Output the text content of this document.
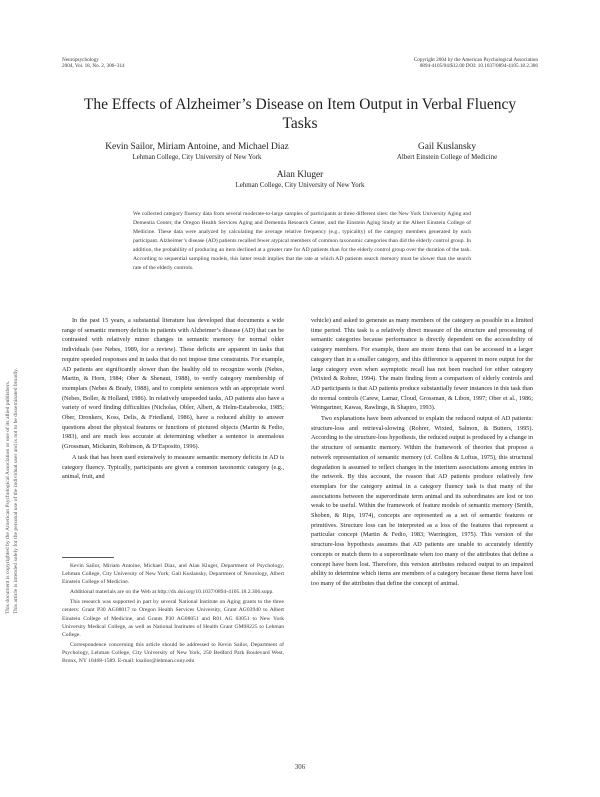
Neuropsychology
2004, Vol. 18, No. 2, 306–314
Copyright 2004 by the American Psychological Association
0894-4105/04/$12.00 DOI: 10.1037/0894-4105.18.2.306
The Effects of Alzheimer’s Disease on Item Output in Verbal Fluency Tasks
Kevin Sailor, Miriam Antoine, and Michael Diaz
Lehman College, City University of New York
Gail Kuslansky
Albert Einstein College of Medicine
Alan Kluger
Lehman College, City University of New York
We collected category fluency data from several moderate-to-large samples of participants at three different sites: the New York University Aging and Dementia Center, the Oregon Health Services Aging and Dementia Research Center, and the Einstein Aging Study at the Albert Einstein College of Medicine. These data were analyzed by calculating the average relative frequency (e.g., typicality) of the category members generated by each participant. Alzheimer’s disease (AD) patients recalled fewer atypical members of common taxonomic categories than did the elderly control group. In addition, the probability of producing an item declined at a greater rate for AD patients than for the elderly control group over the duration of the task. According to sequential sampling models, this latter result implies that the rate at which AD patients search memory must be slower than the search rate of the elderly controls.
This document is copyrighted by the American Psychological Association or one of its allied publishers. This article is intended solely for the personal use of the individual user and is not to be disseminated broadly.

In the past 15 years, a substantial literature has developed that documents a wide range of semantic memory deficits in patients with Alzheimer’s disease (AD) that can be contrasted with relatively minor changes in semantic memory for normal older individuals (see Nebes, 1989, for a review). These deficits are apparent in tasks that require speeded responses and in tasks that do not impose time constraints. For example, AD patients are significantly slower than the healthy old to recognize words (Nebes, Martin, & Horn, 1984; Ober & Shenaut, 1988), to verify category membership of exemplars (Nebes & Brady, 1988), and to complete sentences with an appropriate word (Nebes, Boller, & Holland, 1986). In relatively unspeeded tasks, AD patients also have a variety of word finding difficulties (Nicholas, Obler, Albert, & Helm-Estabrooks, 1985; Ober, Dronkers, Koss, Delis, & Friedland, 1986), have a reduced ability to answer questions about the physical features or functions of pictured objects (Martin & Fedio, 1983), and are much less accurate at determining whether a sentence is anomalous (Grossman, Mickanin, Robinson, & D’Esposito, 1996).

A task that has been used extensively to measure semantic memory deficits in AD is category fluency. Typically, participants are given a common taxonomic category (e.g., animal, fruit, and

Kevin Sailor, Miriam Antoine, Michael Diaz, and Alan Kluger, Department of Psychology, Lehman College, City University of New York; Gail Kuslansky, Department of Neurology, Albert Einstein College of Medicine.

Additional materials are on the Web at http://dx.doi.org/10.1037/0894-4105.18.2.306.supp.

This research was supported in part by several National Institute on Aging grants to the three centers: Grant P30 AG08017 to Oregon Health Services University, Grant AG03940 to Albert Einstein College of Medicine, and Grants P30 AG08051 and R01 AG 03051 to New York University Medical College, as well as National Institutes of Health Grant GM08225 to Lehman College.

Correspondence concerning this article should be addressed to Kevin Sailor, Department of Psychology, Lehman College, City University of New York, 250 Bedford Park Boulevard West, Bronx, NY 10468-1589. E-mail: ksailor@lehman.cuny.edu

vehicle) and asked to generate as many members of the category as possible in a limited time period. This task is a relatively direct measure of the structure and processing of semantic categories because performance is directly dependent on the accessibility of category members. For example, there are more items that can be accessed in a larger category than in a smaller category, and this difference is apparent in more output for the large category even when asymptotic recall has not been reached for either category (Wixted & Rohrer, 1994). The main finding from a comparison of elderly controls and AD participants is that AD patients produce substantially fewer instances in this task than do normal controls (Carew, Lamar, Cloud, Grossman, & Libon, 1997; Ober et al., 1986; Weingartner, Kawas, Rawlings, & Shapiro, 1993).

Two explanations have been advanced to explain the reduced output of AD patients: structure-loss and retrieval-slowing (Rohrer, Wixted, Salmon, & Butters, 1995). According to the structure-loss hypothesis, the reduced output is produced by a change in the structure of semantic memory. Within the framework of theories that propose a network representation of semantic memory (cf. Collins & Loftus, 1975), this structural degradation is assumed to reflect changes in the interitem associations among entries in the network. By this account, the reason that AD patients produce relatively few exemplars for the category animal in a category fluency task is that many of the associations between the superordinate term animal and its subordinates are lost or too weak to be useful. Within the framework of feature models of semantic memory (Smith, Shoben, & Rips, 1974), concepts are represented as a set of semantic features or primitives. Structure loss can be interpreted as a loss of the features that represent a particular concept (Martin & Fedio, 1983; Warrington, 1975). This version of the structure-loss hypothesis assumes that AD patients are unable to accurately identify concepts or match them to a superordinate when too many of the attributes that define a concept have been lost. Therefore, this version attributes reduced output to an impaired ability to determine which items are members of a category because these items have lost too many of the attributes that define the concept of animal.

306
